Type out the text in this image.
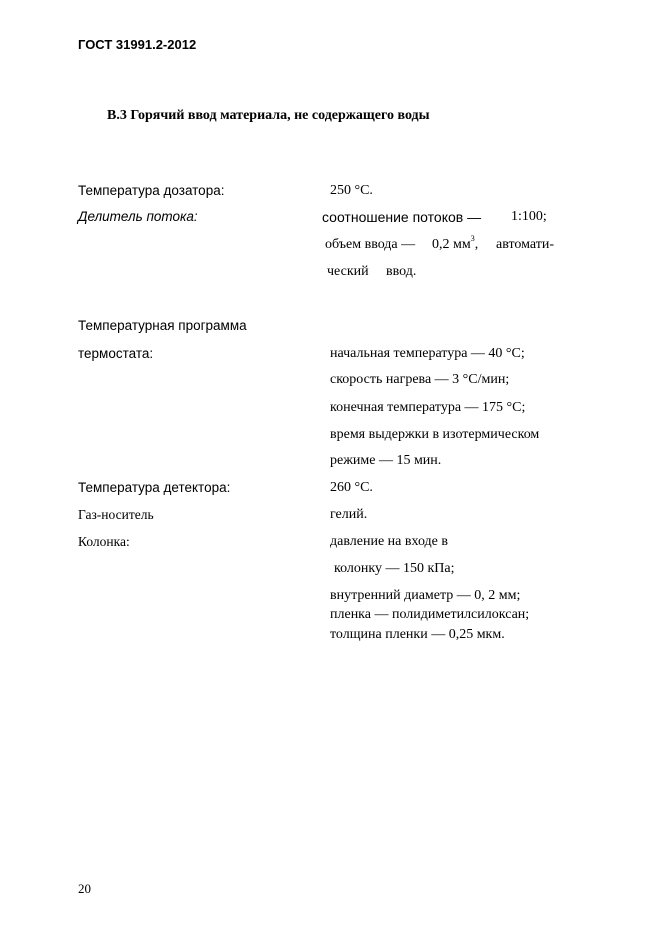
ГОСТ 31991.2-2012
В.3 Горячий ввод материала, не содержащего воды
Температура дозатора:	250 °С.
Делитель потока:	соотношение потоков — 1:100;
объем ввода — 0,2 $мм^3$, автомати-
ческий ввод.
Температурная программа
термостата:	начальная температура — 40 °С;
скорость нагрева — 3 °С/мин;
конечная температура — 175 °С;
время выдержки в изотермическом
режиме — 15 мин.
Температура детектора:	260 °С.
Газ-носитель	гелий.
Колонка:	давление на входе в
колонку — 150 кПа;
внутренний диаметр — 0, 2 мм;
пленка — полидиметилсилоксан;
толщина пленки — 0,25 мкм.
20
